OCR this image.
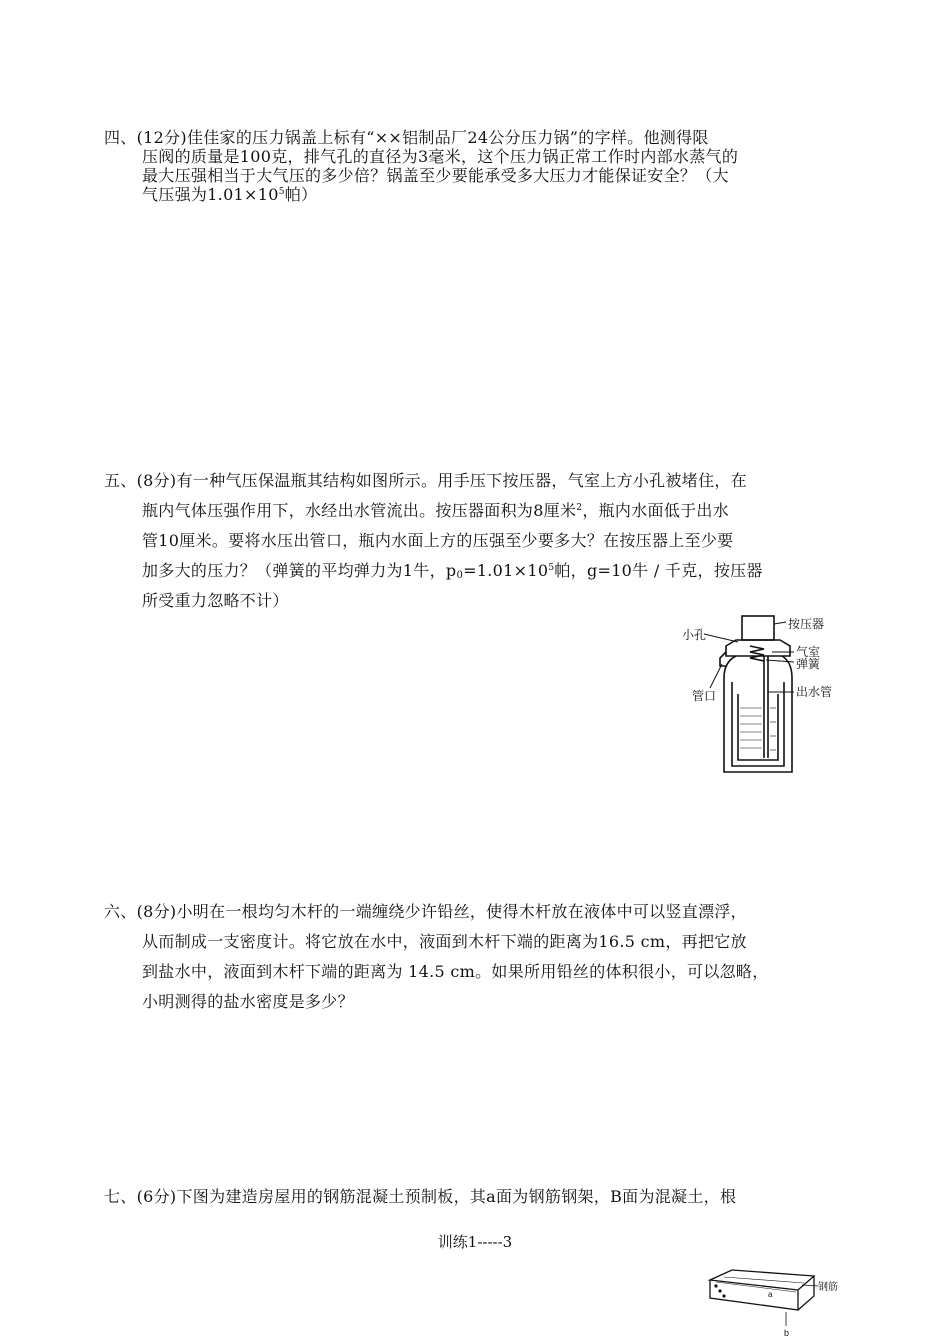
四、(12分)佳佳家的压力锅盖上标有“××铝制品厂24公分压力锅”的字样。他测得限
压阀的质量是100克，排气孔的直径为3毫米，这个压力锅正常工作时内部水蒸气的
最大压强相当于大气压的多少倍？锅盖至少要能承受多大压力才能保证安全？（大
气压强为$1.01\times 10^5$帕）
五、(8分)有一种气压保温瓶其结构如图所示。用手压下按压器，气室上方小孔被堵住，在
瓶内气体压强作用下，水经出水管流出。按压器面积为8厘米$^2$，瓶内水面低于出水
管10厘米。要将水压出管口，瓶内水面上方的压强至少要多大？在按压器上至少要
加多大的压力？（弹簧的平均弹力为1牛，$p_0=1.01\times 10^5$帕，g=10牛 / 千克，按压器
所受重力忽略不计）
按压器
小孔
气室
弹簧
管口	出水管
六、(8分)小明在一根均匀木杆的一端缠绕少许铅丝，使得木杆放在液体中可以竖直漂浮，
从而制成一支密度计。将它放在水中，液面到木杆下端的距离为16.5 cm，再把它放
到盐水中，液面到木杆下端的距离为 14.5 cm。如果所用铅丝的体积很小，可以忽略，
小明测得的盐水密度是多少？
七、(6分)下图为建造房屋用的钢筋混凝土预制板，其a面为钢筋钢架，B面为混凝土，根
训练1-----3
钢筋
a
b
